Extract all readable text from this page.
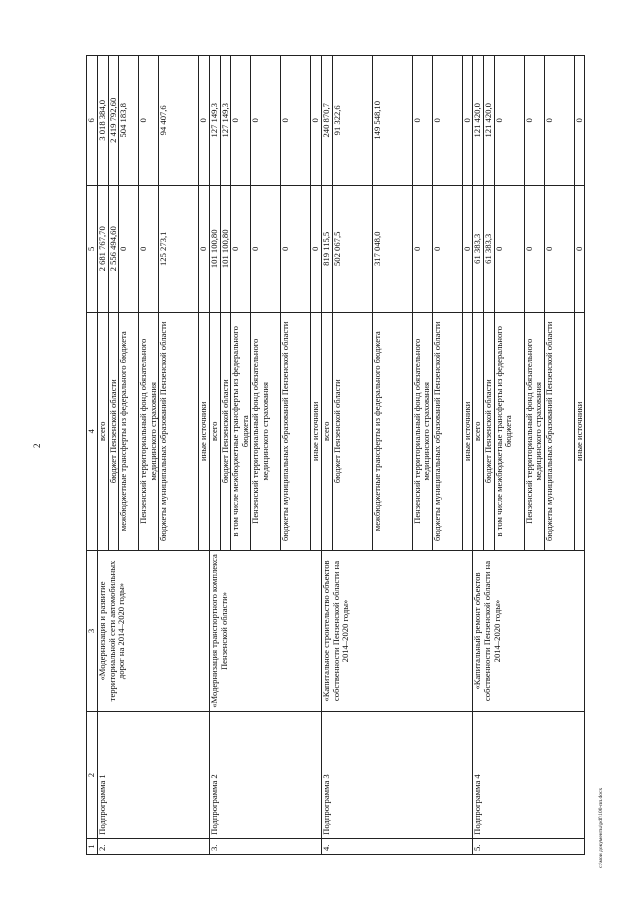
2
1	2	3	4	5	6
2.	Подпрограмма 1	«Модернизация и развитие территориальной сети автомобильных дорог на 2014–2020 годы»	всего	2 681 767,70	3 018 384,0
			бюджет Пензенской области	2 556 494,60	2 419 792,60
			межбюджетные трансферты из федерального бюджета	0	504 183,8
			Пензенский территориальный фонд обязательного медицинского страхования	0	0
			бюджеты муниципальных образований Пензенской области	125 273,1	94 407,6
			иные источники	0	0
3.	Подпрограмма 2	«Модернизация транспортного комплекса Пензенской области»	всего	101 100,80	127 149,3
			бюджет Пензенской области	101 100,80	127 149,3
			в том числе межбюджетные трансферты из федерального бюджета	0	0
			Пензенский территориальный фонд обязательного медицинского страхования	0	0
			бюджеты муниципальных образований Пензенской области	0	0
			иные источники	0	0
4.	Подпрограмма 3	«Капитальное строительство объектов собственности Пензенской области на 2014–2020 годы»	всего	819 115,5	240 870,7
			бюджет Пензенской области	502 067,5	91 322,6
			межбюджетные трансферты из федерального бюджета	317 048,0	149 548,10
			Пензенский территориальный фонд обязательного медицинского страхования	0	0
			бюджеты муниципальных образований Пензенской области	0	0
			иные источники	0	0
5.	Подпрограмма 4	«Капитальный ремонт объектов собственности Пензенской области на 2014–2020 годы»	всего	61 383,3	121 420,0
			бюджет Пензенской области	61 383,3	121 420,0
			в том числе межбюджетные трансферты из федерального бюджета	0	0
			Пензенский территориальный фонд обязательного медицинского страхования	0	0
			бюджеты муниципальных образований Пензенской области	0	0
			иные источники	0	0
c:\мои документы\pdf\100-пп.docx
